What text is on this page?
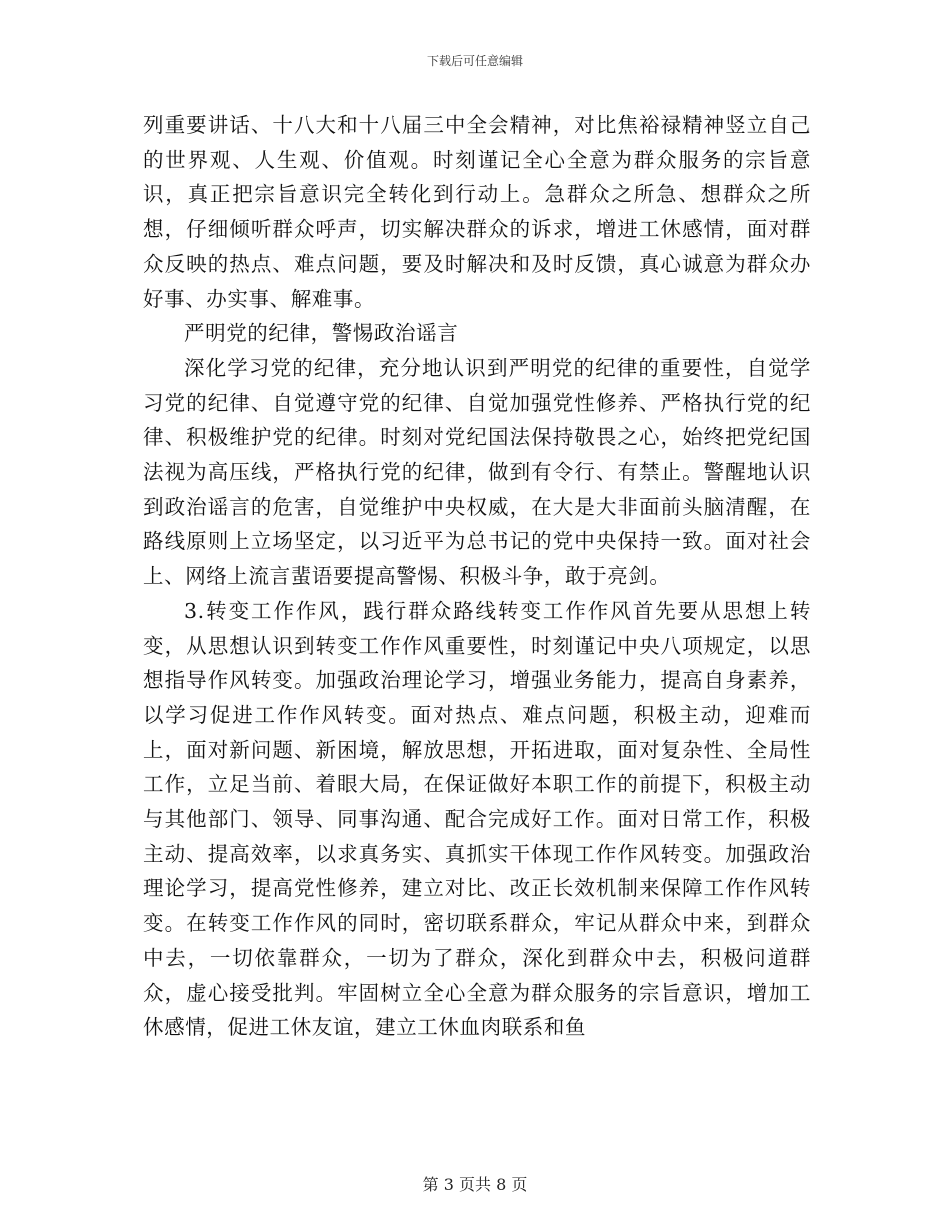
下载后可任意编辑

列重要讲话、十八大和十八届三中全会精神，对比焦裕禄精神竖立自己的世界观、人生观、价值观。时刻谨记全心全意为群众服务的宗旨意识，真正把宗旨意识完全转化到行动上。急群众之所急、想群众之所想，仔细倾听群众呼声，切实解决群众的诉求，增进工休感情，面对群众反映的热点、难点问题，要及时解决和及时反馈，真心诚意为群众办好事、办实事、解难事。

严明党的纪律，警惕政治谣言

深化学习党的纪律，充分地认识到严明党的纪律的重要性，自觉学习党的纪律、自觉遵守党的纪律、自觉加强党性修养、严格执行党的纪律、积极维护党的纪律。时刻对党纪国法保持敬畏之心，始终把党纪国法视为高压线，严格执行党的纪律，做到有令行、有禁止。警醒地认识到政治谣言的危害，自觉维护中央权威，在大是大非面前头脑清醒，在路线原则上立场坚定，以习近平为总书记的党中央保持一致。面对社会上、网络上流言蜚语要提高警惕、积极斗争，敢于亮剑。

3.转变工作作风，践行群众路线转变工作作风首先要从思想上转变，从思想认识到转变工作作风重要性，时刻谨记中央八项规定，以思想指导作风转变。加强政治理论学习，增强业务能力，提高自身素养，以学习促进工作作风转变。面对热点、难点问题，积极主动，迎难而上，面对新问题、新困境，解放思想，开拓进取，面对复杂性、全局性工作，立足当前、着眼大局，在保证做好本职工作的前提下，积极主动与其他部门、领导、同事沟通、配合完成好工作。面对日常工作，积极主动、提高效率，以求真务实、真抓实干体现工作作风转变。加强政治理论学习，提高党性修养，建立对比、改正长效机制来保障工作作风转变。在转变工作作风的同时，密切联系群众，牢记从群众中来，到群众中去，一切依靠群众，一切为了群众，深化到群众中去，积极问道群众，虚心接受批判。牢固树立全心全意为群众服务的宗旨意识，增加工休感情，促进工休友谊，建立工休血肉联系和鱼

第 3 页共 8 页
